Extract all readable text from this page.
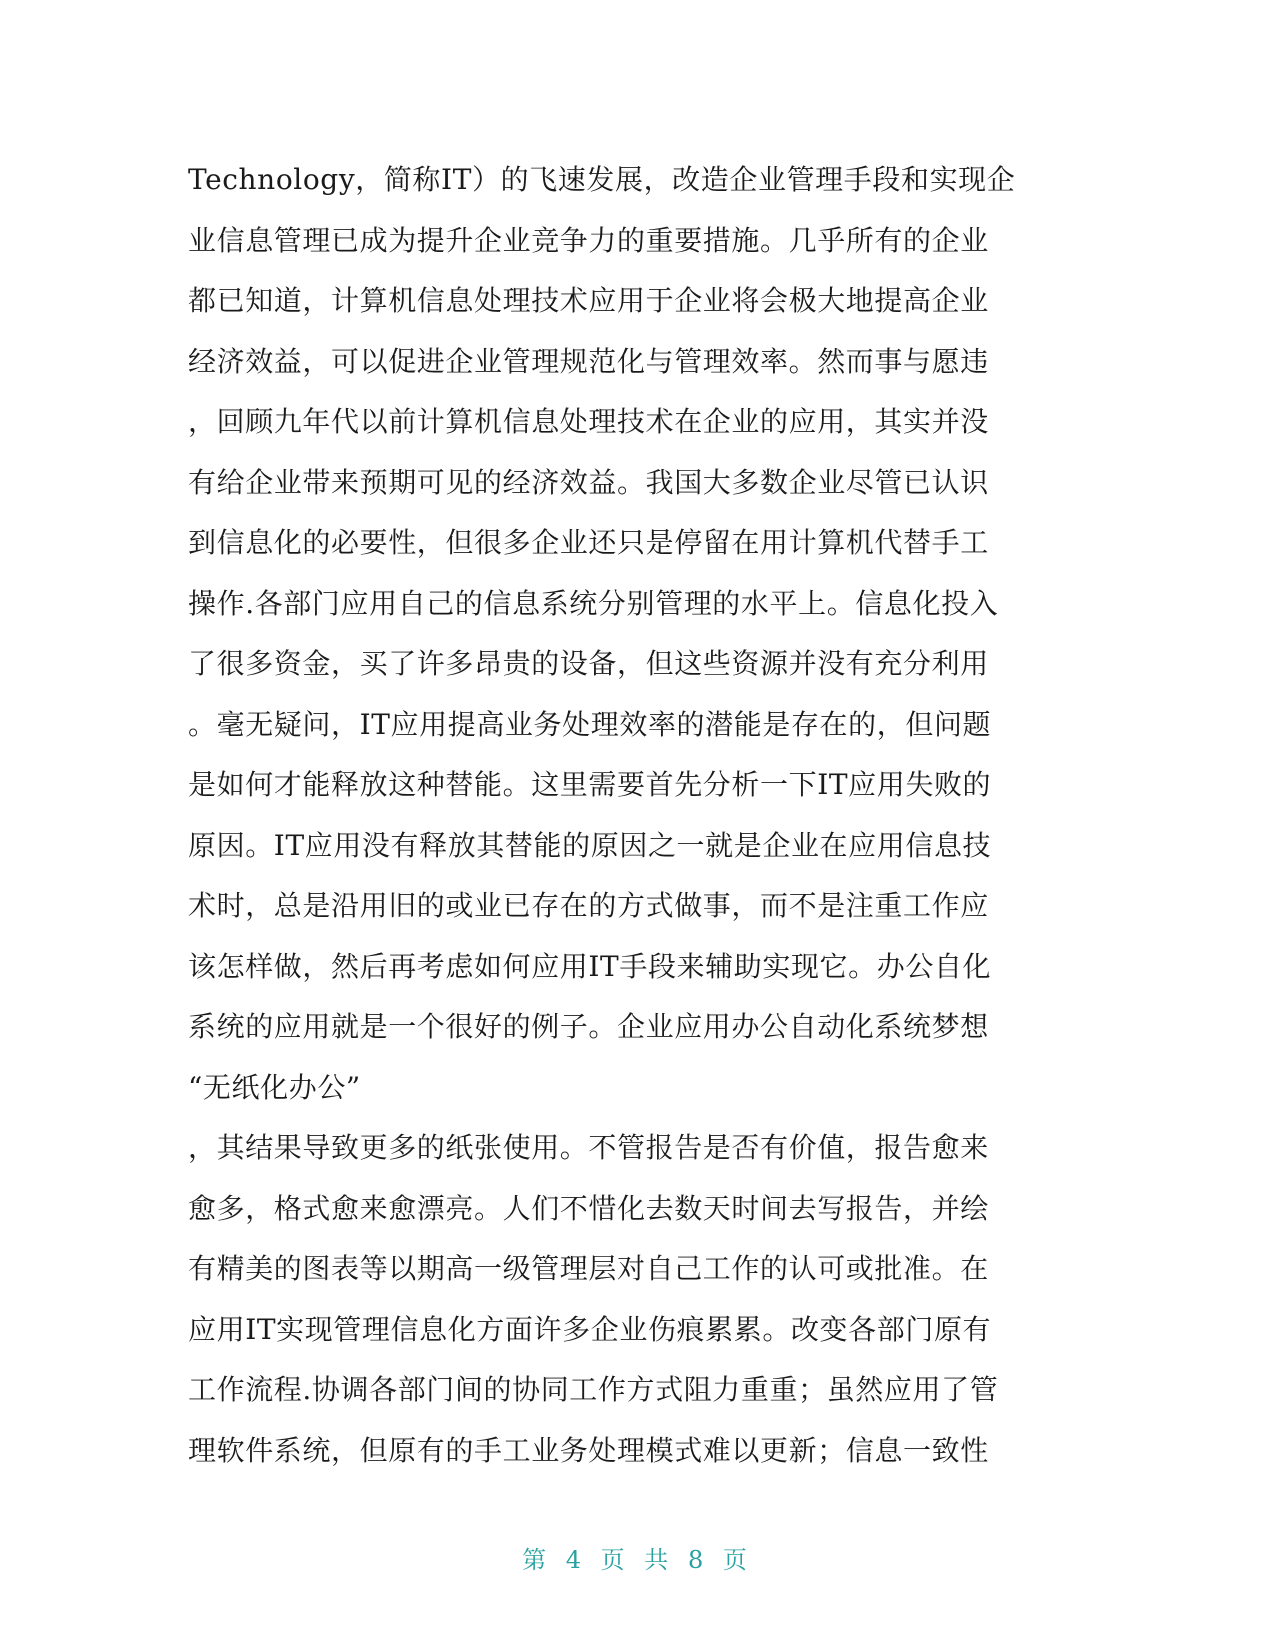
Technology，简称IT）的飞速发展，改造企业管理手段和实现企
业信息管理已成为提升企业竞争力的重要措施。几乎所有的企业
都已知道，计算机信息处理技术应用于企业将会极大地提高企业
经济效益，可以促进企业管理规范化与管理效率。然而事与愿违
，回顾九年代以前计算机信息处理技术在企业的应用，其实并没
有给企业带来预期可见的经济效益。我国大多数企业尽管已认识
到信息化的必要性，但很多企业还只是停留在用计算机代替手工
操作.各部门应用自己的信息系统分别管理的水平上。信息化投入
了很多资金，买了许多昂贵的设备，但这些资源并没有充分利用
。毫无疑问，IT应用提高业务处理效率的潜能是存在的，但问题
是如何才能释放这种替能。这里需要首先分析一下IT应用失败的
原因。IT应用没有释放其替能的原因之一就是企业在应用信息技
术时，总是沿用旧的或业已存在的方式做事，而不是注重工作应
该怎样做，然后再考虑如何应用IT手段来辅助实现它。办公自化
系统的应用就是一个很好的例子。企业应用办公自动化系统梦想
“无纸化办公”
，其结果导致更多的纸张使用。不管报告是否有价值，报告愈来
愈多，格式愈来愈漂亮。人们不惜化去数天时间去写报告，并绘
有精美的图表等以期高一级管理层对自己工作的认可或批准。在
应用IT实现管理信息化方面许多企业伤痕累累。改变各部门原有
工作流程.协调各部门间的协同工作方式阻力重重；虽然应用了管
理软件系统，但原有的手工业务处理模式难以更新；信息一致性
第 4 页 共 8 页
